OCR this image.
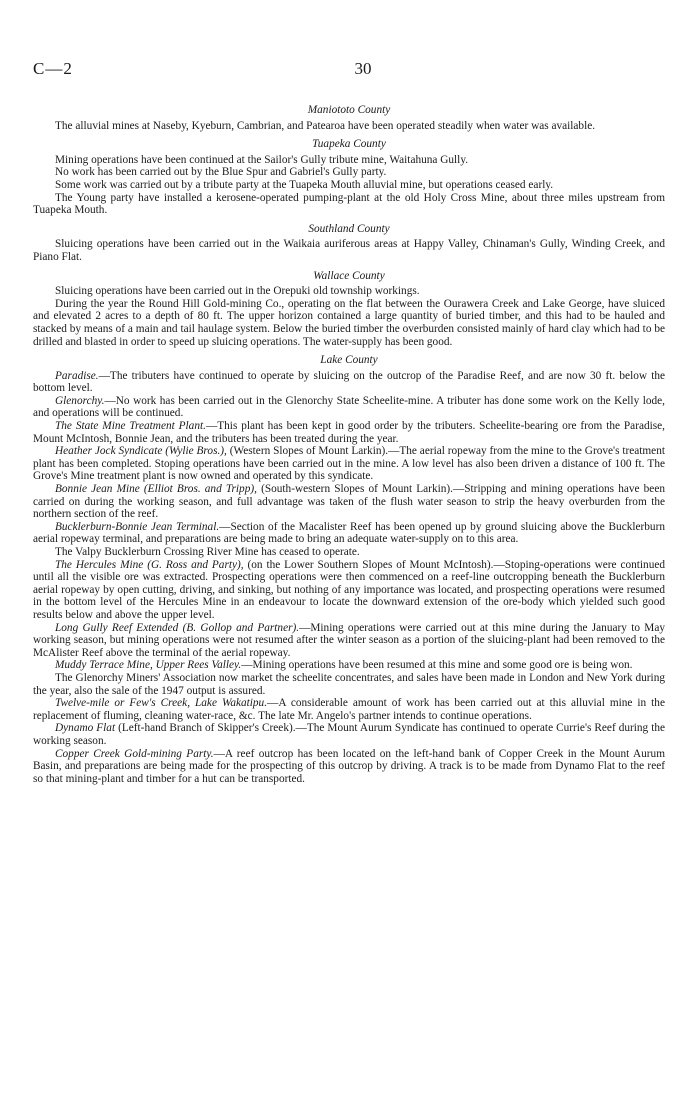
C—2	30
Maniototo County

The alluvial mines at Naseby, Kyeburn, Cambrian, and Patearoa have been operated steadily when water was available.

Tuapeka County

Mining operations have been continued at the Sailor's Gully tribute mine, Waitahuna Gully.

No work has been carried out by the Blue Spur and Gabriel's Gully party.

Some work was carried out by a tribute party at the Tuapeka Mouth alluvial mine, but operations ceased early.

The Young party have installed a kerosene-operated pumping-plant at the old Holy Cross Mine, about three miles upstream from Tuapeka Mouth.

Southland County

Sluicing operations have been carried out in the Waikaia auriferous areas at Happy Valley, Chinaman's Gully, Winding Creek, and Piano Flat.

Wallace County

Sluicing operations have been carried out in the Orepuki old township workings.

During the year the Round Hill Gold-mining Co., operating on the flat between the Ourawera Creek and Lake George, have sluiced and elevated 2 acres to a depth of 80 ft. The upper horizon contained a large quantity of buried timber, and this had to be hauled and stacked by means of a main and tail haulage system. Below the buried timber the overburden consisted mainly of hard clay which had to be drilled and blasted in order to speed up sluicing operations. The water-supply has been good.

Lake County

Paradise.—The tributers have continued to operate by sluicing on the outcrop of the Paradise Reef, and are now 30 ft. below the bottom level.

Glenorchy.—No work has been carried out in the Glenorchy State Scheelite-mine. A tributer has done some work on the Kelly lode, and operations will be continued.

The State Mine Treatment Plant.—This plant has been kept in good order by the tributers. Scheelite-bearing ore from the Paradise, Mount McIntosh, Bonnie Jean, and the tributers has been treated during the year.

Heather Jock Syndicate (Wylie Bros.), (Western Slopes of Mount Larkin).—The aerial ropeway from the mine to the Grove's treatment plant has been completed. Stoping operations have been carried out in the mine. A low level has also been driven a distance of 100 ft. The Grove's Mine treatment plant is now owned and operated by this syndicate.

Bonnie Jean Mine (Elliot Bros. and Tripp), (South-western Slopes of Mount Larkin).—Stripping and mining operations have been carried on during the working season, and full advantage was taken of the flush water season to strip the heavy overburden from the northern section of the reef.

Bucklerburn-Bonnie Jean Terminal.—Section of the Macalister Reef has been opened up by ground sluicing above the Bucklerburn aerial ropeway terminal, and preparations are being made to bring an adequate water-supply on to this area.

The Valpy Bucklerburn Crossing River Mine has ceased to operate.

The Hercules Mine (G. Ross and Party), (on the Lower Southern Slopes of Mount McIntosh).—Stoping-operations were continued until all the visible ore was extracted. Prospecting operations were then commenced on a reef-line outcropping beneath the Bucklerburn aerial ropeway by open cutting, driving, and sinking, but nothing of any importance was located, and prospecting operations were resumed in the bottom level of the Hercules Mine in an endeavour to locate the downward extension of the ore-body which yielded such good results below and above the upper level.

Long Gully Reef Extended (B. Gollop and Partner).—Mining operations were carried out at this mine during the January to May working season, but mining operations were not resumed after the winter season as a portion of the sluicing-plant had been removed to the McAlister Reef above the terminal of the aerial ropeway.

Muddy Terrace Mine, Upper Rees Valley.—Mining operations have been resumed at this mine and some good ore is being won.

The Glenorchy Miners' Association now market the scheelite concentrates, and sales have been made in London and New York during the year, also the sale of the 1947 output is assured.

Twelve-mile or Few's Creek, Lake Wakatipu.—A considerable amount of work has been carried out at this alluvial mine in the replacement of fluming, cleaning water-race, &c. The late Mr. Angelo's partner intends to continue operations.

Dynamo Flat (Left-hand Branch of Skipper's Creek).—The Mount Aurum Syndicate has continued to operate Currie's Reef during the working season.

Copper Creek Gold-mining Party.—A reef outcrop has been located on the left-hand bank of Copper Creek in the Mount Aurum Basin, and preparations are being made for the prospecting of this outcrop by driving. A track is to be made from Dynamo Flat to the reef so that mining-plant and timber for a hut can be transported.
